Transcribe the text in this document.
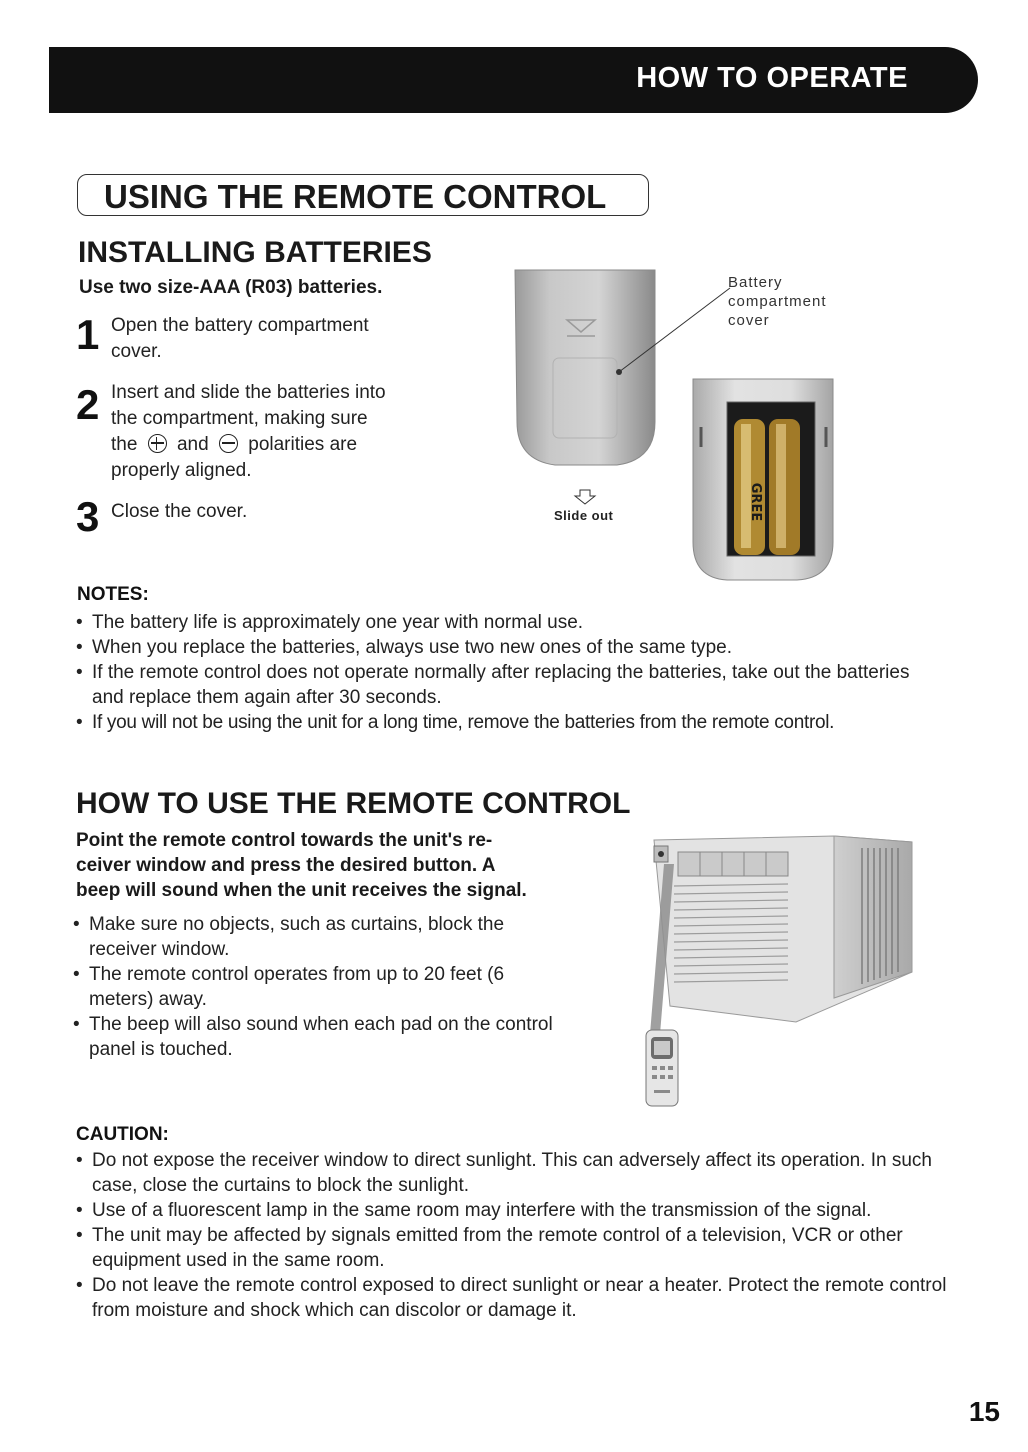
HOW TO OPERATE
USING THE REMOTE CONTROL
INSTALLING BATTERIES
Use two size-AAA (R03) batteries.
1 Open the battery compartment
cover.
2 Insert and slide the batteries into
the compartment, making sure
the and polarities are
properly aligned.
3 Close the cover.	GREE
Battery
compartment
cover
Slide out
NOTES:
• The battery life is approximately one year with normal use.
• When you replace the batteries, always use two new ones of the same type.
• If the remote control does not operate normally after replacing the batteries, take out the batteries and replace them again after 30 seconds.
• If you will not be using the unit for a long time, remove the batteries from the remote control.
HOW TO USE THE REMOTE CONTROL
Point the remote control towards the unit's re-
ceiver window and press the desired button. A
beep will sound when the unit receives the signal.
• Make sure no objects, such as curtains, block the receiver window.
• The remote control operates from up to 20 feet (6 meters) away.
• The beep will also sound when each pad on the control panel is touched.
CAUTION:
• Do not expose the receiver window to direct sunlight. This can adversely affect its operation. In such case, close the curtains to block the sunlight.
• Use of a fluorescent lamp in the same room may interfere with the transmission of the signal.
• The unit may be affected by signals emitted from the remote control of a television, VCR or other equipment used in the same room.
• Do not leave the remote control exposed to direct sunlight or near a heater. Protect the remote control from moisture and shock which can discolor or damage it.
15
